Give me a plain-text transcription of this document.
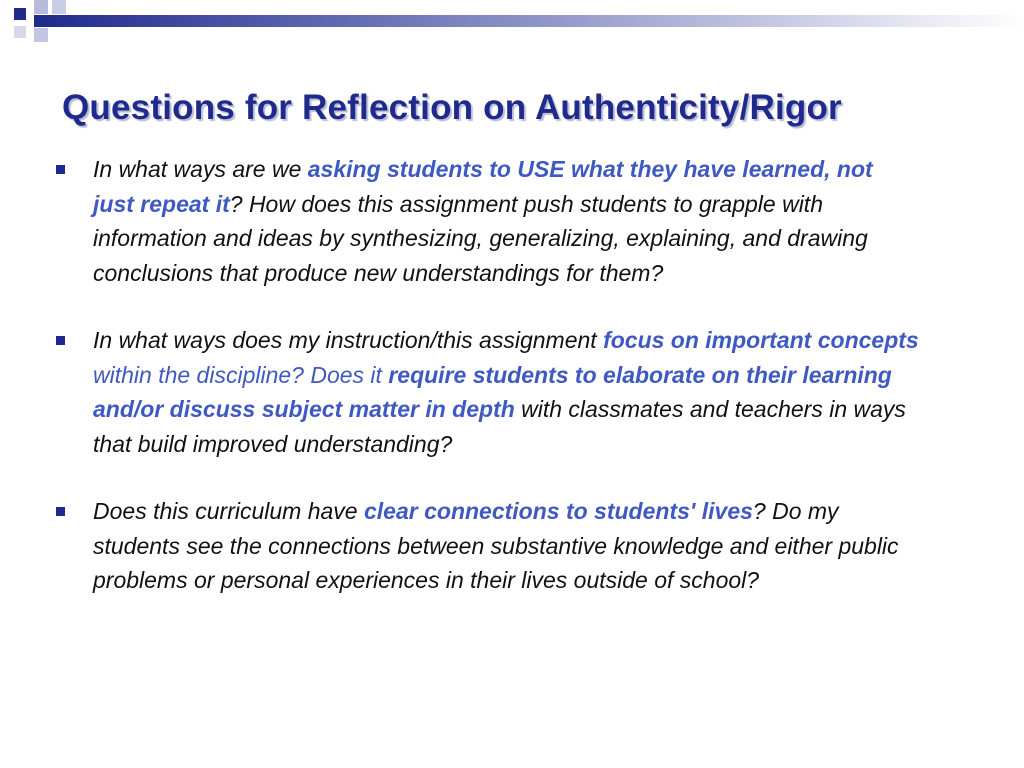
Questions for Reflection on Authenticity/Rigor
In what ways are we asking students to USE what they have learned, not just repeat it? How does this assignment push students to grapple with information and ideas by synthesizing, generalizing, explaining, and drawing conclusions that produce new understandings for them?
In what ways does my instruction/this assignment focus on important concepts within the discipline? Does it require students to elaborate on their learning and/or discuss subject matter in depth with classmates and teachers in ways that build improved understanding?
Does this curriculum have clear connections to students' lives? Do my students see the connections between substantive knowledge and either public problems or personal experiences in their lives outside of school?
